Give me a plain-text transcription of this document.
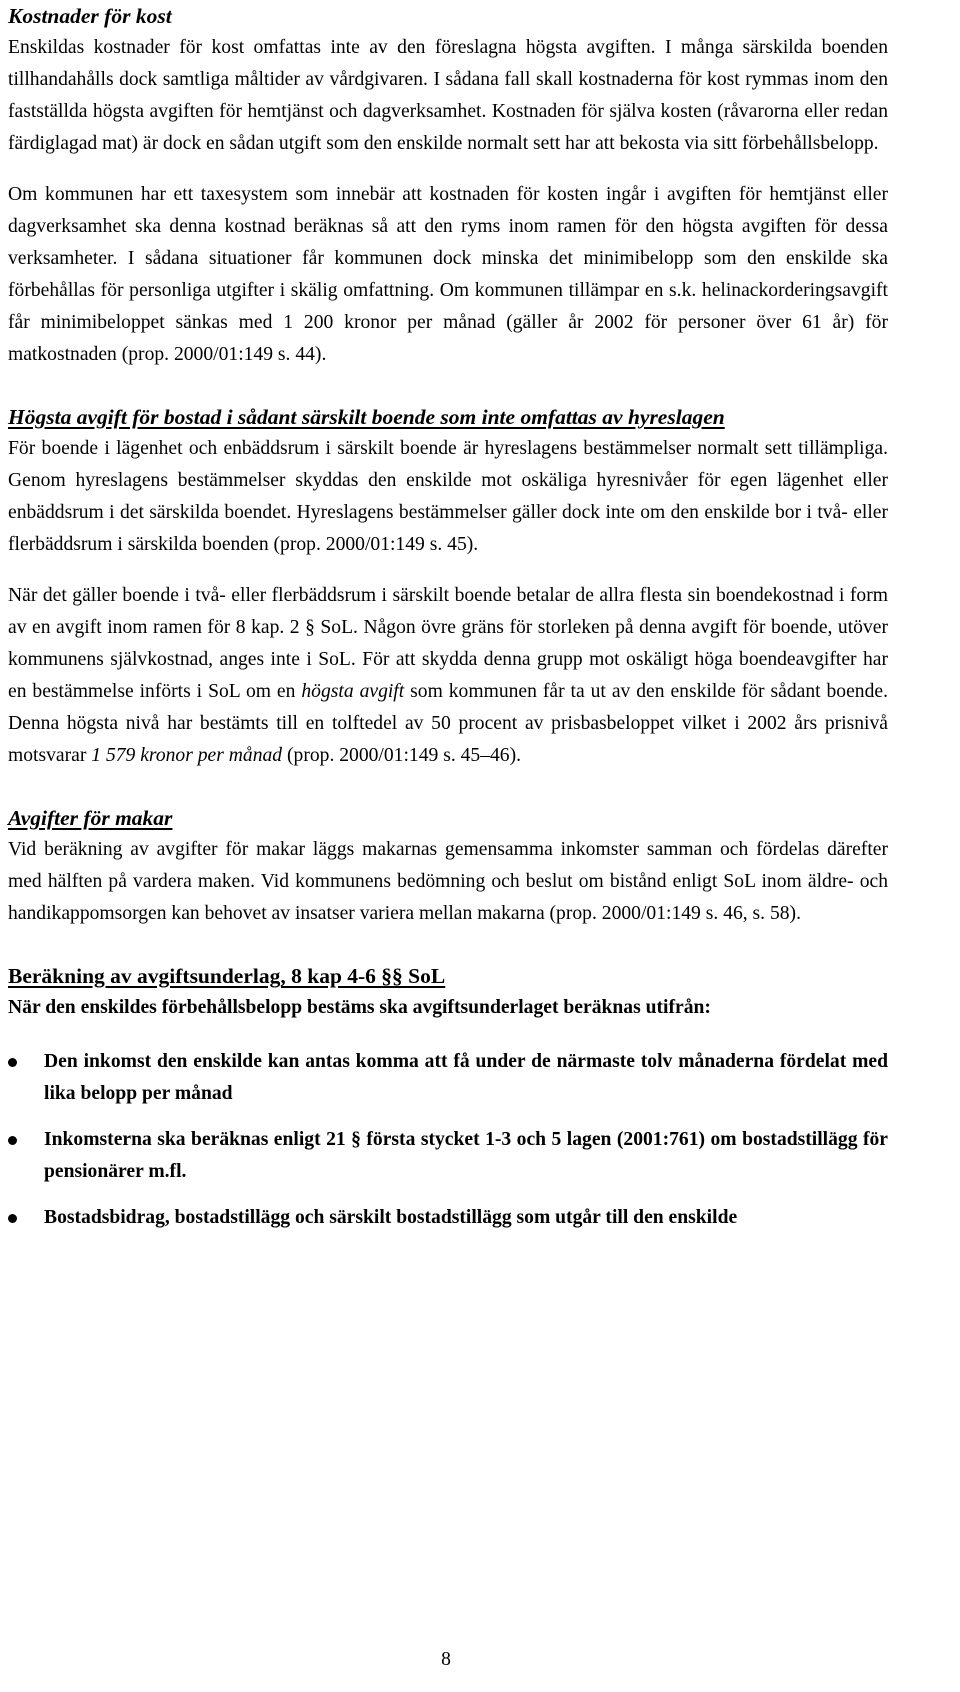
Kostnader för kost

Enskildas kostnader för kost omfattas inte av den föreslagna högsta avgiften. I många särskilda boenden tillhandahålls dock samtliga måltider av vårdgivaren. I sådana fall skall kostnaderna för kost rymmas inom den fastställda högsta avgiften för hemtjänst och dagverksamhet. Kostnaden för själva kosten (råvarorna eller redan färdiglagad mat) är dock en sådan utgift som den enskilde normalt sett har att bekosta via sitt förbehållsbelopp.

Om kommunen har ett taxesystem som innebär att kostnaden för kosten ingår i avgiften för hemtjänst eller dagverksamhet ska denna kostnad beräknas så att den ryms inom ramen för den högsta avgiften för dessa verksamheter. I sådana situationer får kommunen dock minska det minimibelopp som den enskilde ska förbehållas för personliga utgifter i skälig omfattning. Om kommunen tillämpar en s.k. helinackorderingsavgift får minimibeloppet sänkas med 1 200 kronor per månad (gäller år 2002 för personer över 61 år) för matkostnaden (prop. 2000/01:149 s. 44).

Högsta avgift för bostad i sådant särskilt boende som inte omfattas av hyreslagen

För boende i lägenhet och enbäddsrum i särskilt boende är hyreslagens bestämmelser normalt sett tillämpliga. Genom hyreslagens bestämmelser skyddas den enskilde mot oskäliga hyresnivåer för egen lägenhet eller enbäddsrum i det särskilda boendet. Hyreslagens bestämmelser gäller dock inte om den enskilde bor i två- eller flerbäddsrum i särskilda boenden (prop. 2000/01:149 s. 45).

När det gäller boende i två- eller flerbäddsrum i särskilt boende betalar de allra flesta sin boendekostnad i form av en avgift inom ramen för 8 kap. 2 § SoL. Någon övre gräns för storleken på denna avgift för boende, utöver kommunens självkostnad, anges inte i SoL. För att skydda denna grupp mot oskäligt höga boendeavgifter har en bestämmelse införts i SoL om en högsta avgift som kommunen får ta ut av den enskilde för sådant boende. Denna högsta nivå har bestämts till en tolftedel av 50 procent av prisbasbeloppet vilket i 2002 års prisnivå motsvarar 1 579 kronor per månad (prop. 2000/01:149 s. 45–46).

Avgifter för makar

Vid beräkning av avgifter för makar läggs makarnas gemensamma inkomster samman och fördelas därefter med hälften på vardera maken. Vid kommunens bedömning och beslut om bistånd enligt SoL inom äldre- och handikappomsorgen kan behovet av insatser variera mellan makarna (prop. 2000/01:149 s. 46, s. 58).

Beräkning av avgiftsunderlag, 8 kap 4-6 §§ SoL

När den enskildes förbehållsbelopp bestäms ska avgiftsunderlaget beräknas utifrån:

Den inkomst den enskilde kan antas komma att få under de närmaste tolv månaderna fördelat med lika belopp per månad
Inkomsterna ska beräknas enligt 21 § första stycket 1-3 och 5 lagen (2001:761) om bostadstillägg för pensionärer m.fl.
Bostadsbidrag, bostadstillägg och särskilt bostadstillägg som utgår till den enskilde
8
